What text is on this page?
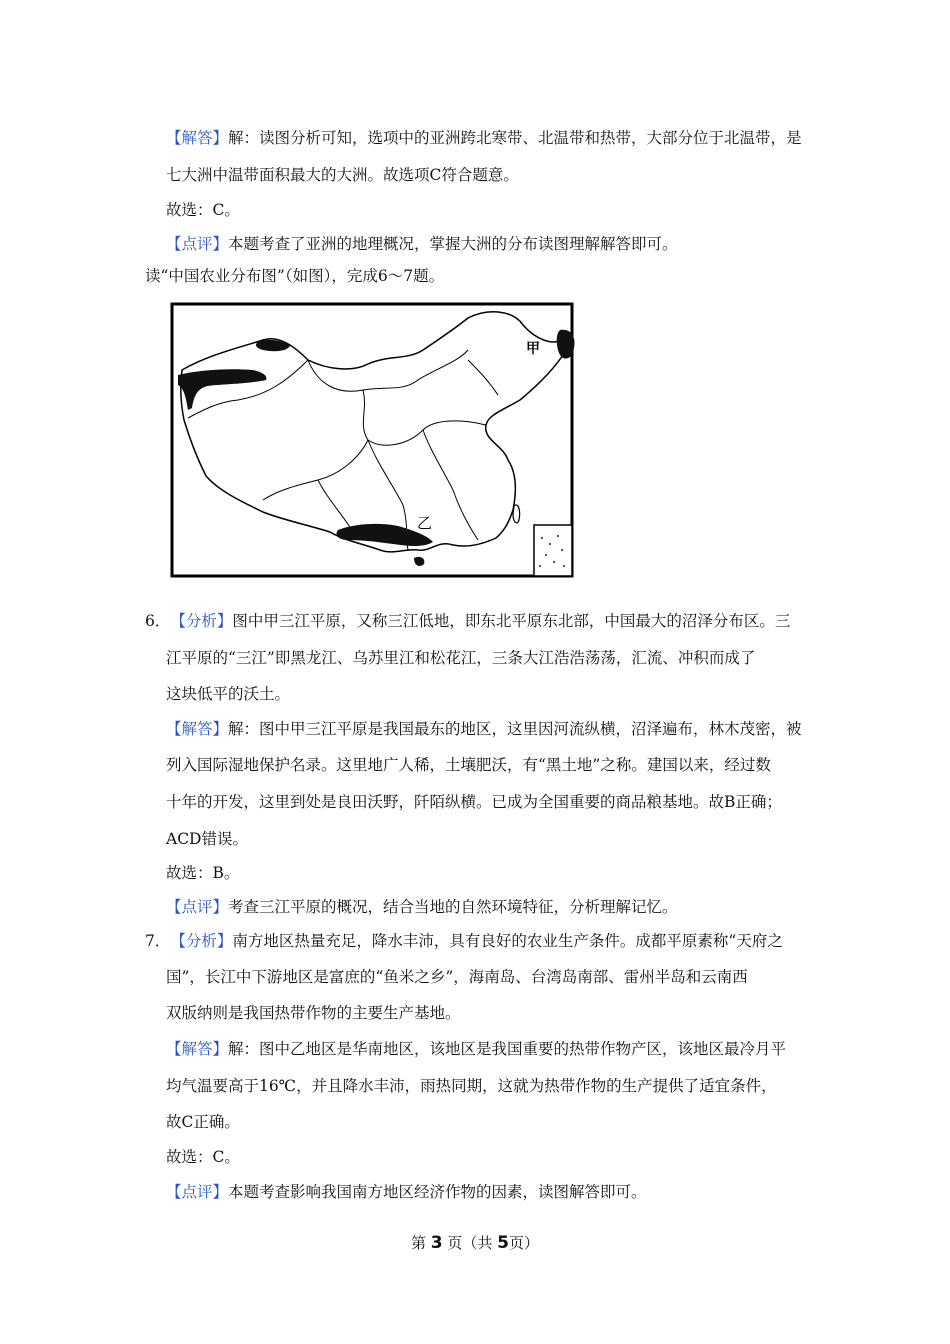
【解答】解：读图分析可知，选项中的亚洲跨北寒带、北温带和热带，大部分位于北温带，是
七大洲中温带面积最大的大洲。故选项C符合题意。
故选：C。
【点评】本题考查了亚洲的地理概况，掌握大洲的分布读图理解解答即可。
读“中国农业分布图”（如图），完成6～7题。
甲
乙
6．【分析】图中甲三江平原，又称三江低地，即东北平原东北部，中国最大的沼泽分布区。三
江平原的“三江”即黑龙江、乌苏里江和松花江，三条大江浩浩荡荡，汇流、冲积而成了
这块低平的沃土。
【解答】解：图中甲三江平原是我国最东的地区，这里因河流纵横，沼泽遍布，林木茂密，被
列入国际湿地保护名录。这里地广人稀，土壤肥沃，有“黑土地”之称。建国以来，经过数
十年的开发，这里到处是良田沃野，阡陌纵横。已成为全国重要的商品粮基地。故B正确；
ACD错误。
故选：B。
【点评】考查三江平原的概况，结合当地的自然环境特征，分析理解记忆。
7．【分析】南方地区热量充足，降水丰沛，具有良好的农业生产条件。成都平原素称“天府之
国”，长江中下游地区是富庶的“鱼米之乡”，海南岛、台湾岛南部、雷州半岛和云南西
双版纳则是我国热带作物的主要生产基地。
【解答】解：图中乙地区是华南地区，该地区是我国重要的热带作物产区，该地区最冷月平
均气温要高于16℃，并且降水丰沛，雨热同期，这就为热带作物的生产提供了适宜条件，
故C正确。
故选：C。
【点评】本题考查影响我国南方地区经济作物的因素，读图解答即可。
第 3 页（共 5页）
